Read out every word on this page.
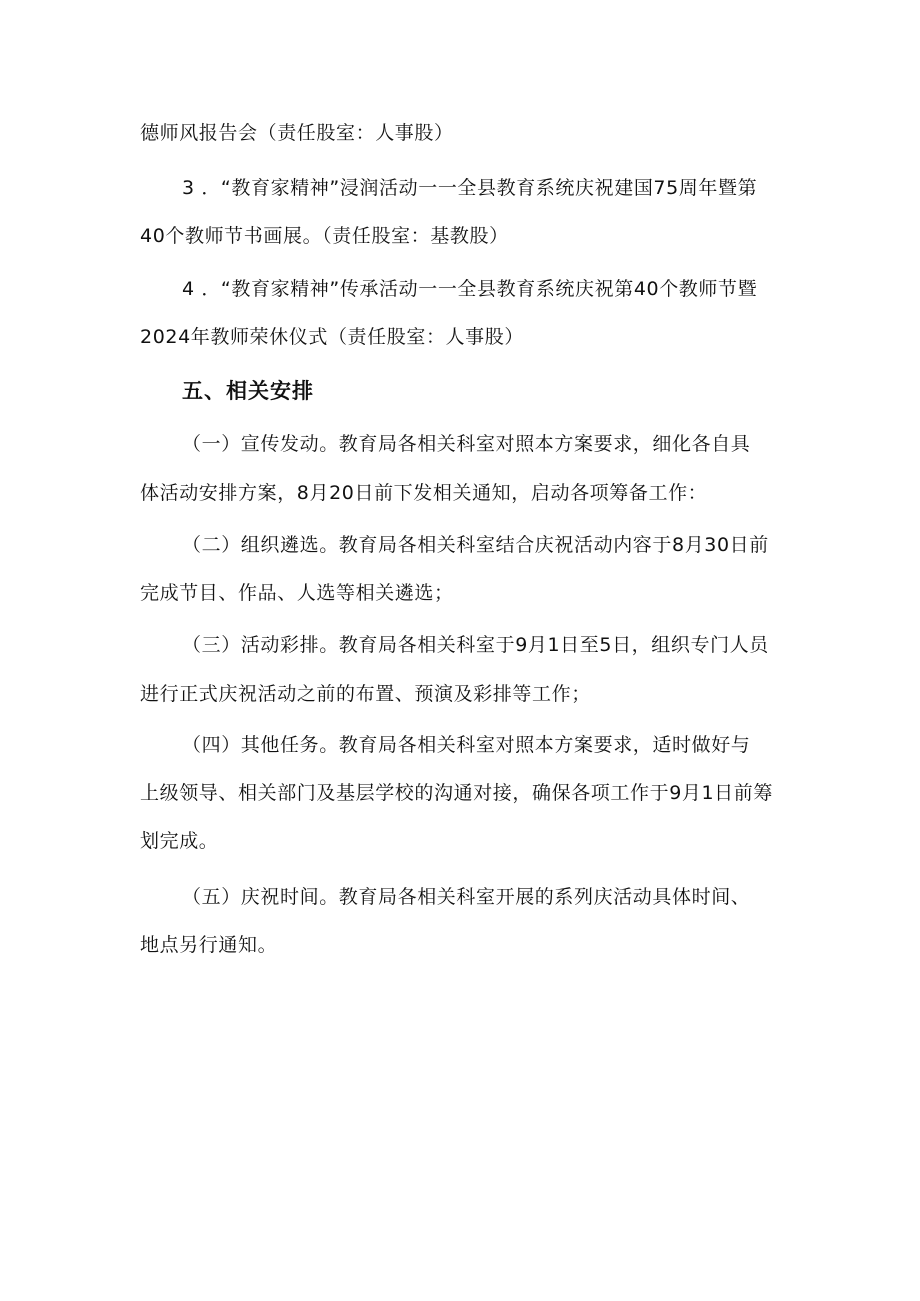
德师风报告会（责任股室：人事股）
3 ．“教育家精神”浸润活动一一全县教育系统庆祝建国75周年暨第
40个教师节书画展。（责任股室：基教股）
4 ．“教育家精神”传承活动一一全县教育系统庆祝第40个教师节暨
2024年教师荣休仪式（责任股室：人事股）
五、相关安排
（一）宣传发动。教育局各相关科室对照本方案要求，细化各自具
体活动安排方案，8月20日前下发相关通知，启动各项筹备工作：
（二）组织遴选。教育局各相关科室结合庆祝活动内容于8月30日前
完成节目、作品、人选等相关遴选；
（三）活动彩排。教育局各相关科室于9月1日至5日，组织专门人员
进行正式庆祝活动之前的布置、预演及彩排等工作；
（四）其他任务。教育局各相关科室对照本方案要求，适时做好与
上级领导、相关部门及基层学校的沟通对接，确保各项工作于9月1日前筹
划完成。
（五）庆祝时间。教育局各相关科室开展的系列庆活动具体时间、
地点另行通知。
